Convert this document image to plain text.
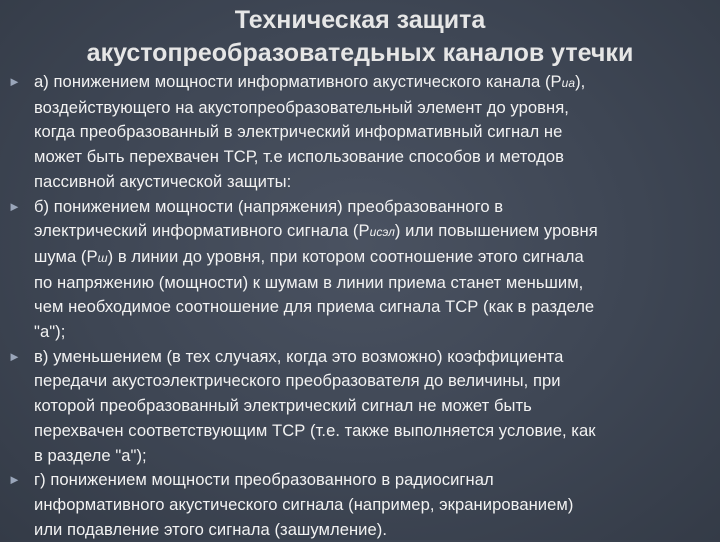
Техническая защита
акустопреобразоватедьных каналов утечки
► а) понижением мощности информативного акустического канала (Риа),
воздействующего на акустопреобразовательный элемент до уровня,
когда преобразованный в электрический информативный сигнал не
может быть перехвачен ТСР, т.е использование способов и методов
пассивной акустической защиты:
► б) понижением мощности (напряжения) преобразованного в
электрический информативного сигнала (Рисэл) или повышением уровня
шума (Рш) в линии до уровня, при котором соотношение этого сигнала
по напряжению (мощности) к шумам в линии приема станет меньшим,
чем необходимое соотношение для приема сигнала ТСР (как в разделе
"а");
► в) уменьшением (в тех случаях, когда это возможно) коэффициента
передачи акустоэлектрического преобразователя до величины, при
которой преобразованный электрический сигнал не может быть
перехвачен соответствующим ТСР (т.е. также выполняется условие, как
в разделе "а");
► г) понижением мощности преобразованного в радиосигнал
информативного акустического сигнала (например, экранированием)
или подавление этого сигнала (зашумление).
